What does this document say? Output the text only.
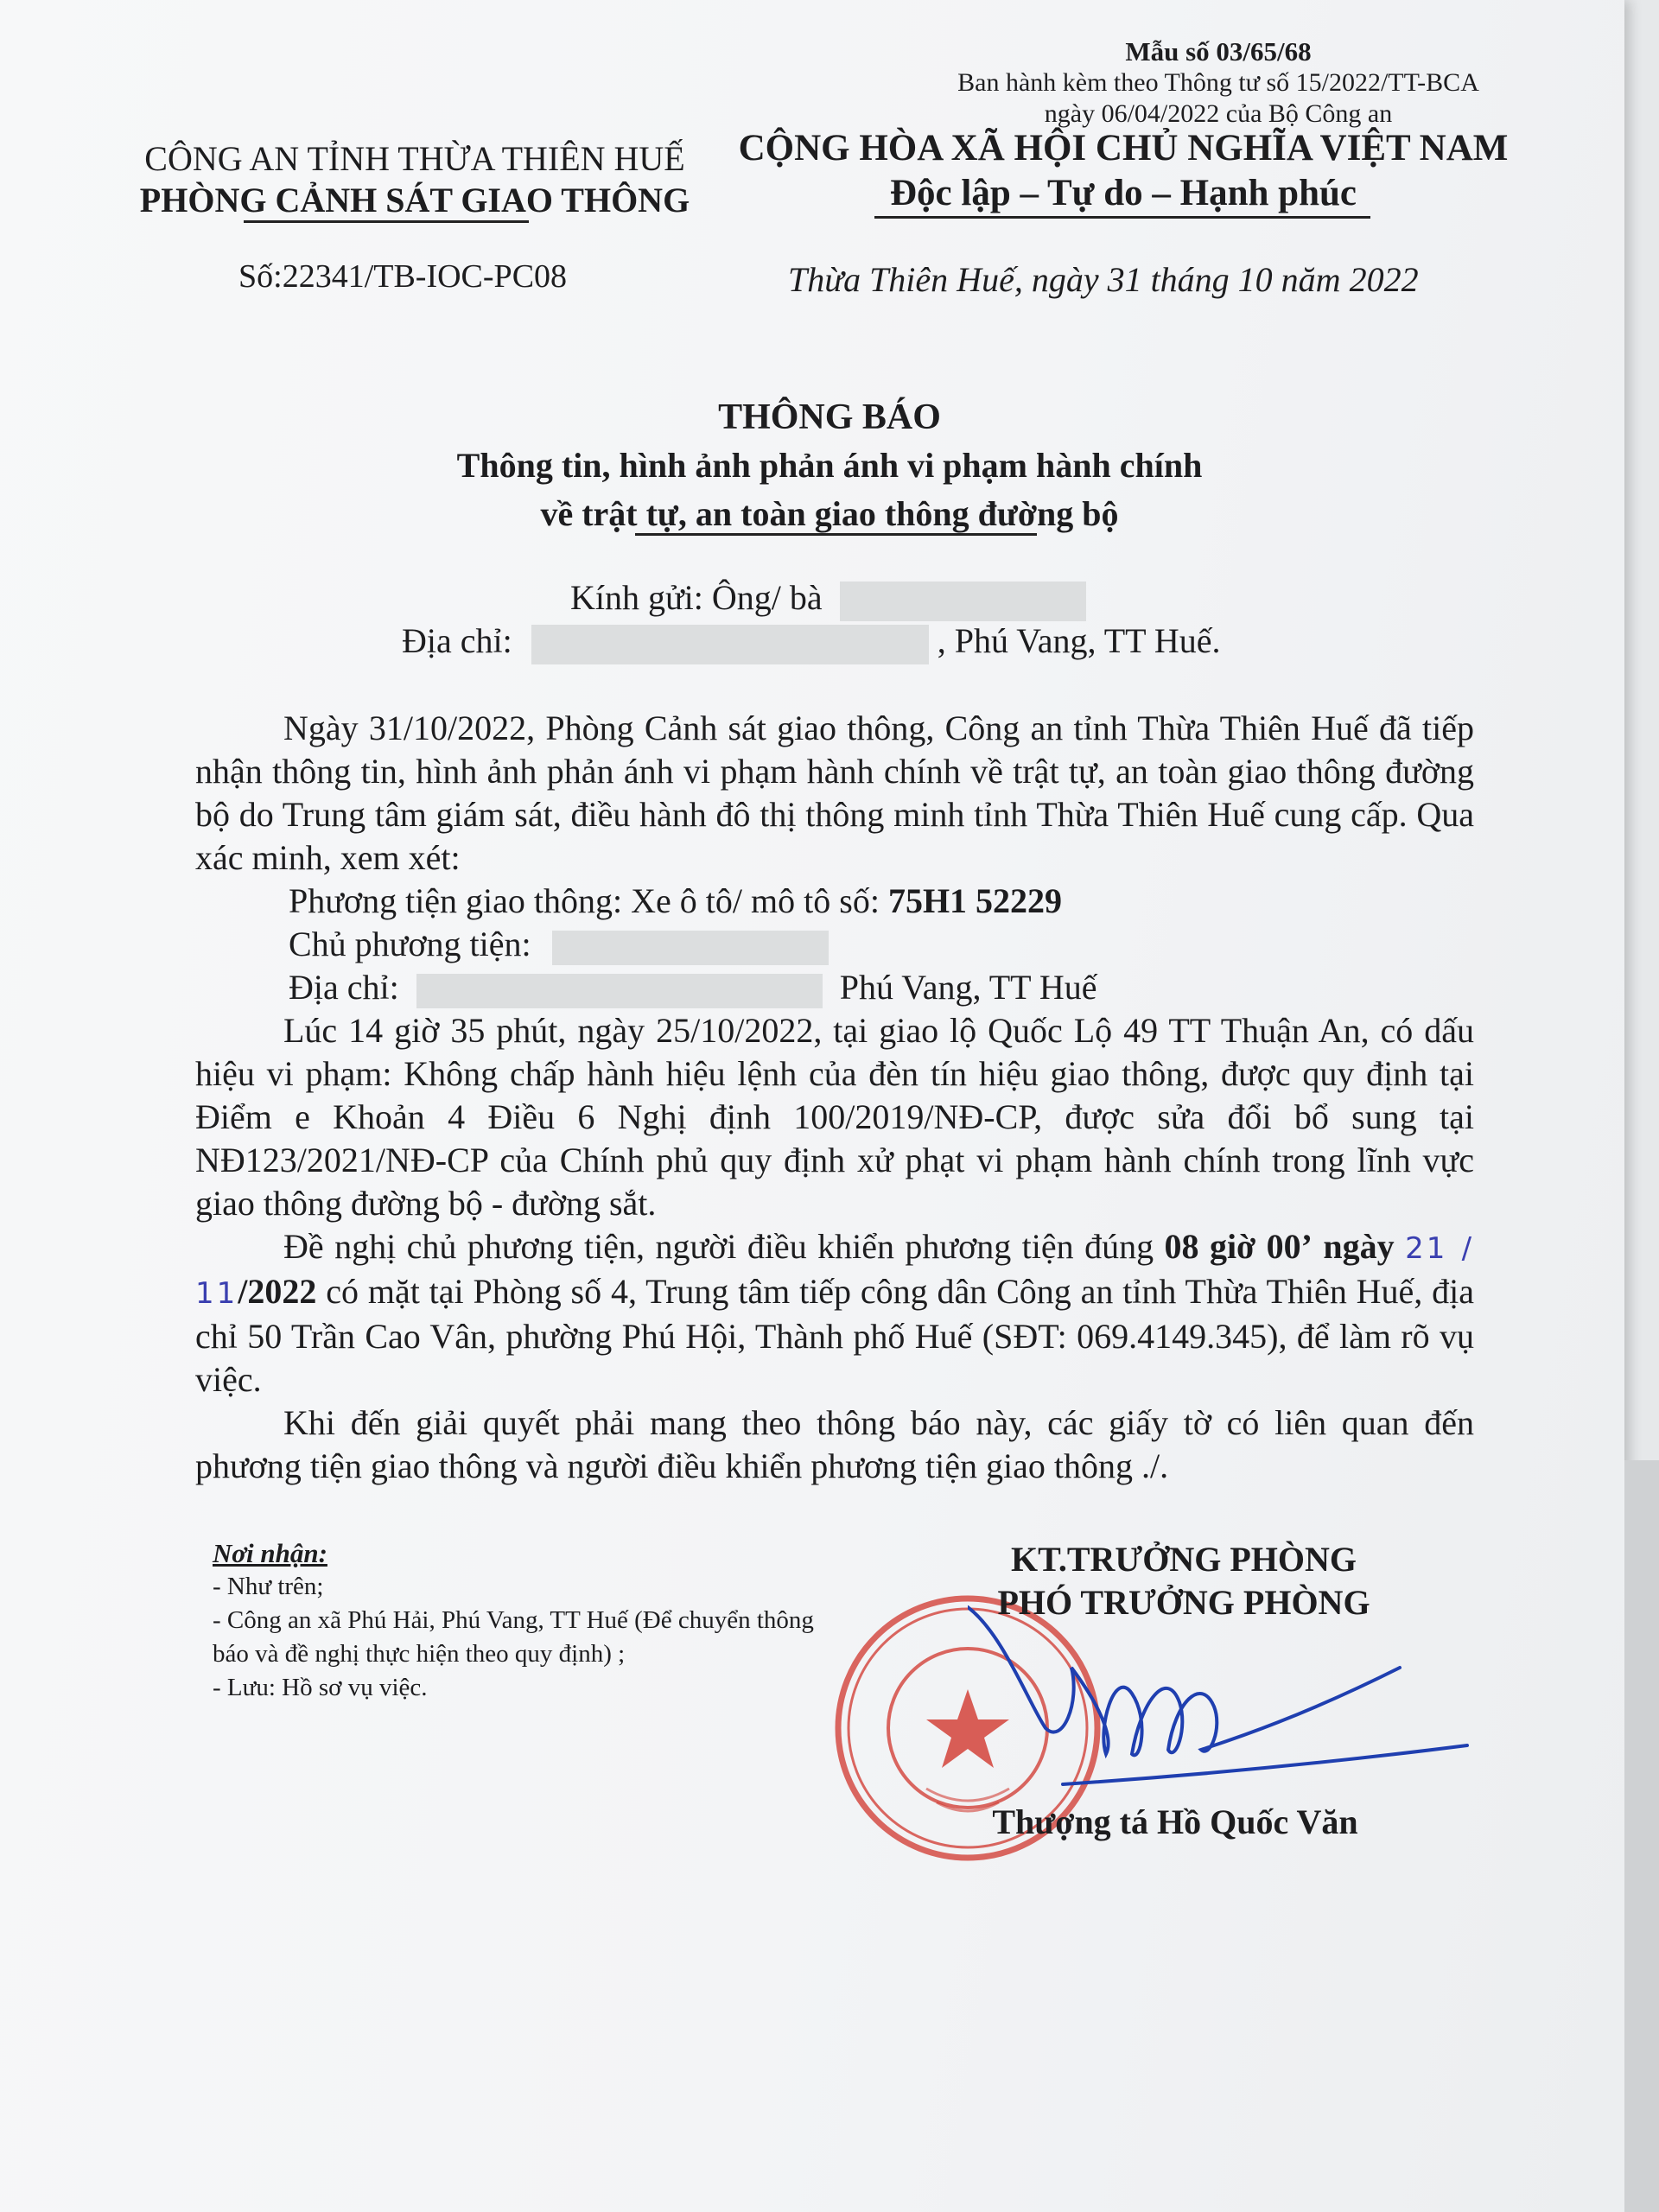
Mẫu số 03/65/68
Ban hành kèm theo Thông tư số 15/2022/TT-BCA
ngày 06/04/2022 của Bộ Công an
CÔNG AN TỈNH THỪA THIÊN HUẾ
PHÒNG CẢNH SÁT GIAO THÔNG
CỘNG HÒA XÃ HỘI CHỦ NGHĨA VIỆT NAM
Độc lập – Tự do – Hạnh phúc
Số:22341/TB-IOC-PC08	Thừa Thiên Huế, ngày 31 tháng 10 năm 2022
THÔNG BÁO
Thông tin, hình ảnh phản ánh vi phạm hành chính
về trật tự, an toàn giao thông đường bộ
Kính gửi: Ông/ bà
Địa chỉ:	, Phú Vang, TT Huế.

Ngày 31/10/2022, Phòng Cảnh sát giao thông, Công an tỉnh Thừa Thiên Huế đã tiếp nhận thông tin, hình ảnh phản ánh vi phạm hành chính về trật tự, an toàn giao thông đường bộ do Trung tâm giám sát, điều hành đô thị thông minh tỉnh Thừa Thiên Huế cung cấp. Qua xác minh, xem xét:

Phương tiện giao thông: Xe ô tô/ mô tô số: 75H1 52229

Chủ phương tiện:

Địa chỉ:	Phú Vang, TT Huế

Lúc 14 giờ 35 phút, ngày 25/10/2022, tại giao lộ Quốc Lộ 49 TT Thuận An, có dấu hiệu vi phạm: Không chấp hành hiệu lệnh của đèn tín hiệu giao thông, được quy định tại Điểm e Khoản 4 Điều 6 Nghị định 100/2019/NĐ-CP, được sửa đổi bổ sung tại NĐ123/2021/NĐ-CP của Chính phủ quy định xử phạt vi phạm hành chính trong lĩnh vực giao thông đường bộ - đường sắt.

Đề nghị chủ phương tiện, người điều khiển phương tiện đúng 08 giờ 00’ ngày 21 / 11/2022 có mặt tại Phòng số 4, Trung tâm tiếp công dân Công an tỉnh Thừa Thiên Huế, địa chỉ 50 Trần Cao Vân, phường Phú Hội, Thành phố Huế (SĐT: 069.4149.345), để làm rõ vụ việc.

Khi đến giải quyết phải mang theo thông báo này, các giấy tờ có liên quan đến phương tiện giao thông và người điều khiển phương tiện giao thông ./.

Nơi nhận:
- Như trên;
- Công an xã Phú Hải, Phú Vang, TT Huế (Để chuyển thông báo và đề nghị thực hiện theo quy định) ;
- Lưu: Hồ sơ vụ việc.
KT.TRƯỞNG PHÒNG
PHÓ TRƯỞNG PHÒNG
Thượng tá Hồ Quốc Văn
